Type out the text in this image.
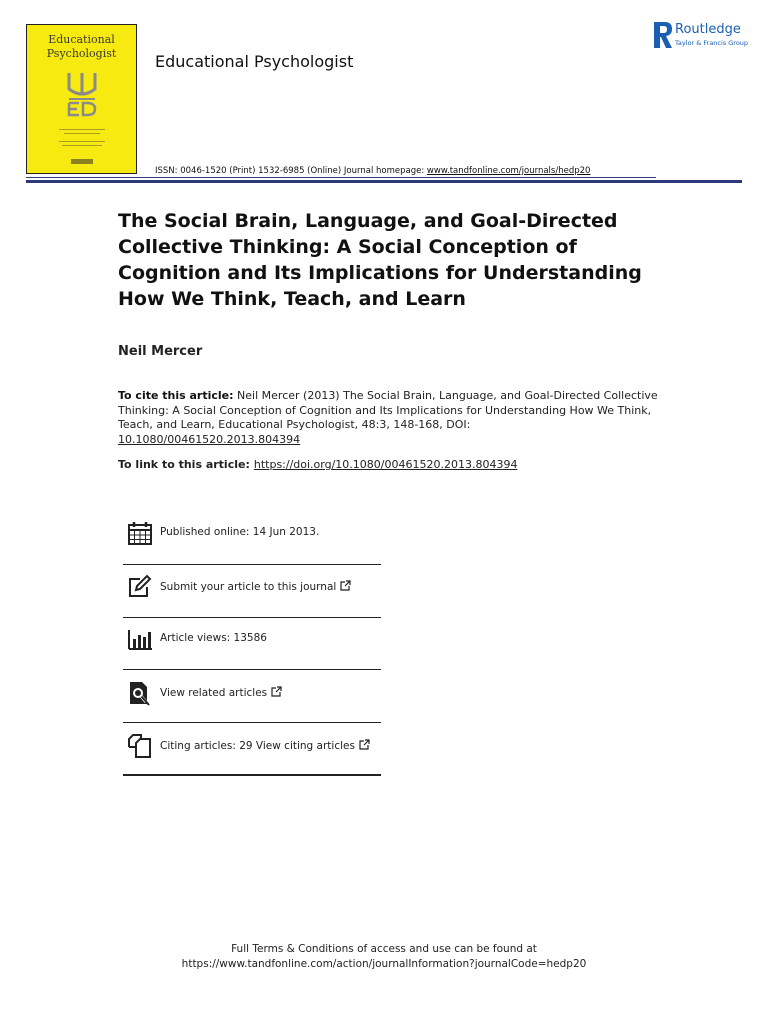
Educational
Psychologist	Educational Psychologist
Routledge
Taylor & Francis Group
ISSN: 0046-1520 (Print) 1532-6985 (Online) Journal homepage: www.tandfonline.com/journals/hedp20
The Social Brain, Language, and Goal-Directed Collective Thinking: A Social Conception of Cognition and Its Implications for Understanding How We Think, Teach, and Learn
Neil Mercer
To cite this article: Neil Mercer (2013) The Social Brain, Language, and Goal-Directed Collective Thinking: A Social Conception of Cognition and Its Implications for Understanding How We Think, Teach, and Learn, Educational Psychologist, 48:3, 148-168, DOI:
10.1080/00461520.2013.804394
To link to this article: https://doi.org/10.1080/00461520.2013.804394
Published online: 14 Jun 2013.
Submit your article to this journal
Article views: 13586
View related articles
Citing articles: 29 View citing articles
Full Terms & Conditions of access and use can be found at
https://www.tandfonline.com/action/journalInformation?journalCode=hedp20
